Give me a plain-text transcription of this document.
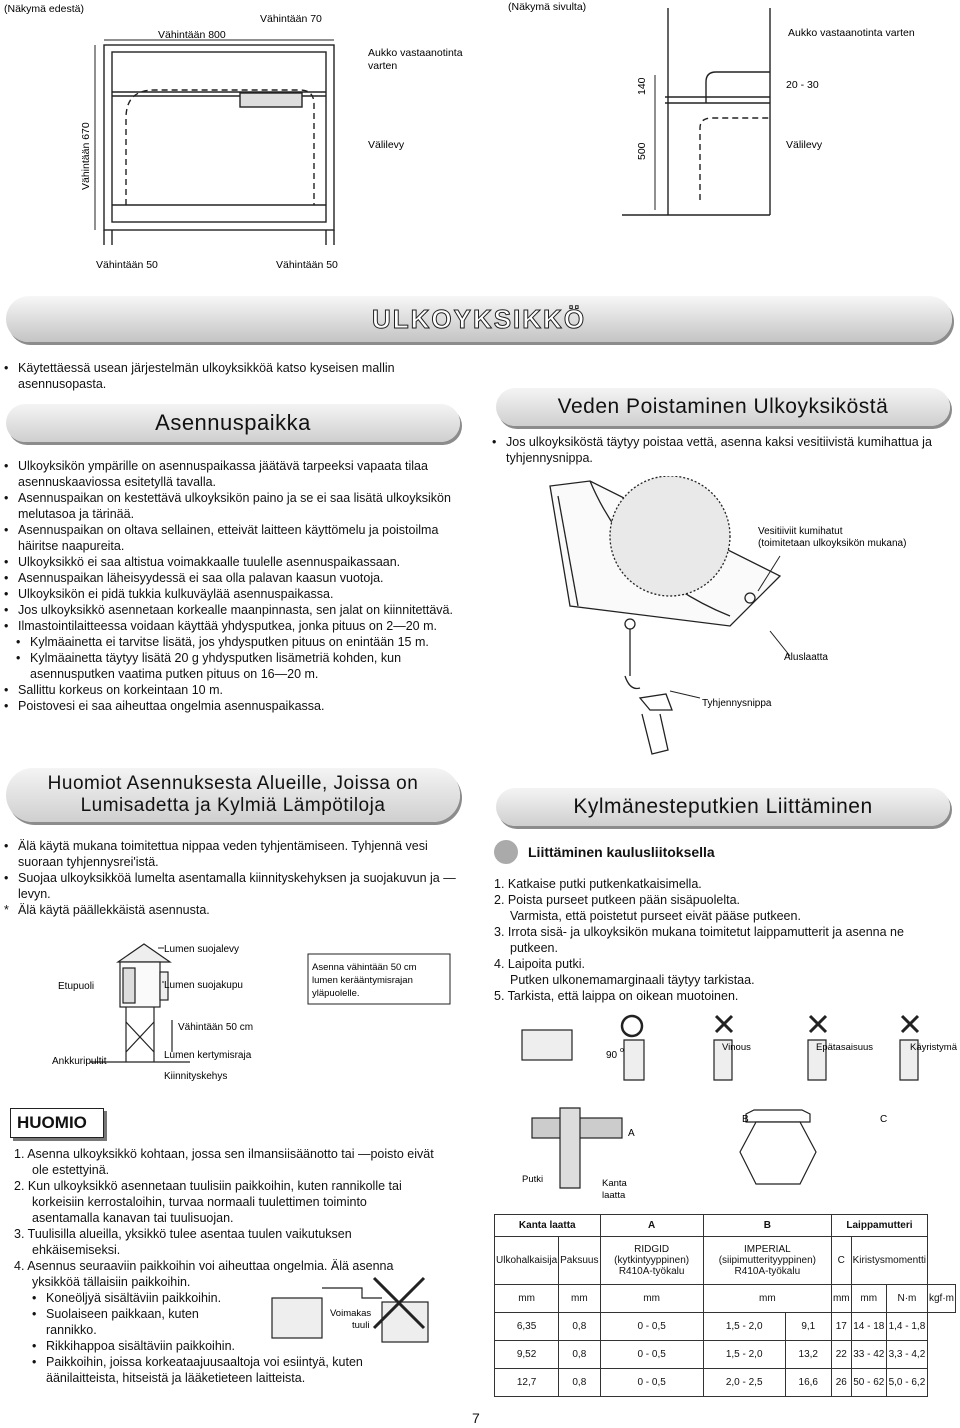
(Näkymä edestä)
Vähintään 800
Vähintään 70
Aukko vastaanotinta
varten
Välilevy
Vähintään 670
Vähintään 50	Vähintään 50
(Näkymä sivulta)
Aukko vastaanotinta varten
140	20 - 30
500	Välilevy
ULKOYKSIKKÖ
• Käytettäessä usean järjestelmän ulkoyksikköä katso kyseisen mallin asennusopasta.
Asennuspaikka
• Ulkoyksikön ympärille on asennuspaikassa jäätävä tarpeeksi vapaata tilaa asennuskaaviossa esitetyllä tavalla.
• Asennuspaikan on kestettävä ulkoyksikön paino ja se ei saa lisätä ulkoyksikön melutasoa ja tärinää.
• Asennuspaikan on oltava sellainen, etteivät laitteen käyttömelu ja poistoilma häiritse naapureita.
• Ulkoyksikkö ei saa altistua voimakkaalle tuulelle asennuspaikassaan.
• Asennuspaikan läheisyydessä ei saa olla palavan kaasun vuotoja.
• Ulkoyksikön ei pidä tukkia kulkuväylää asennuspaikassa.
• Jos ulkoyksikkö asennetaan korkealle maanpinnasta, sen jalat on kiinnitettävä.
• Ilmastointilaitteessa voidaan käyttää yhdysputkea, jonka pituus on 2—20 m.
• Kylmäainetta ei tarvitse lisätä, jos yhdysputken pituus on enintään 15 m.
• Kylmäainetta täytyy lisätä 20 g yhdysputken lisämetriä kohden, kun asennusputken vaatima putken pituus on 16—20 m.
• Sallittu korkeus on korkeintaan 10 m.
• Poistovesi ei saa aiheuttaa ongelmia asennuspaikassa.
Veden Poistaminen Ulkoyksiköstä
• Jos ulkoyksiköstä täytyy poistaa vettä, asenna kaksi vesitiivistä kumihattua ja tyhjennysnippa.
Vesitiiviit kumihatut
(toimitetaan ulkoyksikön mukana)
Aluslaatta
Tyhjennysnippa
Huomiot Asennuksesta Alueille, Joissa on
Lumisadetta ja Kylmiä Lämpötiloja
• Älä käytä mukana toimitettua nippaa veden tyhjentämiseen. Tyhjennä vesi suoraan tyhjennysrei'istä.
• Suojaa ulkoyksikköä lumelta asentamalla kiinnityskehyksen ja suojakuvun ja —levyn.
* Älä käytä päällekkäistä asennusta.
Lumen suojalevy
Etupuoli	Lumen suojakupu
Vähintään 50 cm
Ankkuripultit
Lumen kertymisraja
Kiinnityskehys
Asenna vähintään 50 cm
lumen kerääntymisrajan
yläpuolelle.
HUOMIO
1. Asenna ulkoyksikkö kohtaan, jossa sen ilmansiisäänotto tai —poisto eivät ole estettyinä.
2. Kun ulkoyksikkö asennetaan tuulisiin paikkoihin, kuten rannikolle tai korkeisiin kerrostaloihin, turvaa normaali tuulettimen toiminto asentamalla kanavan tai tuulisuojan.
3. Tuulisilla alueilla, yksikkö tulee asentaa tuulen vaikutuksen ehkäisemiseksi.
4. Asennus seuraaviin paikkoihin voi aiheuttaa ongelmia. Älä asenna yksikköä tällaisiin paikkoihin.
• Koneöljyä sisältäviin paikkoihin.
• Suolaiseen paikkaan, kuten rannikko.
• Rikkihappoa sisältäviin paikkoihin.
• Paikkoihin, joissa korkeataajuusaaltoja voi esiintyä, kuten äänilaitteista, hitseistä ja lääketieteen laitteista.
Voimakas
tuuli
Kylmänesteputkien Liittäminen
Liittäminen kaulusliitoksella
1. Katkaise putki putkenkatkaisimella.
2. Poista purseet putkeen pään sisäpuolelta.
Varmista, että poistetut purseet eivät pääse putkeen.
3. Irrota sisä- ja ulkoyksikön mukana toimitetut laippamutterit ja asenna ne putkeen.
4. Laipoita putki.
Putken ulkonemamarginaali täytyy tarkistaa.
5. Tarkista, että laippa on oikean muotoinen.
90 o	Vinous	Epätasaisuus	Käyristymä
Putki	Kanta
laatta
A
B	C
Kanta laatta		A	B		Laippamutteri			
Ulkohalkaisija	Paksuus	RIDGID (kytkintyyppinen) R410A-työkalu	IMPERIAL (siipimutterityyppinen) R410A-työkalu		C	Kiristysmomentti		
mm	mm	mm	mm		mm	mm	N·m	kgf·m
6,35	0,8	0 - 0,5	1,5 - 2,0	9,1	17	14 - 18	1,4 - 1,8	
9,52	0,8	0 - 0,5	1,5 - 2,0	13,2	22	33 - 42	3,3 - 4,2	
12,7	0,8	0 - 0,5	2,0 - 2,5	16,6	26	50 - 62	5,0 - 6,2	
7
